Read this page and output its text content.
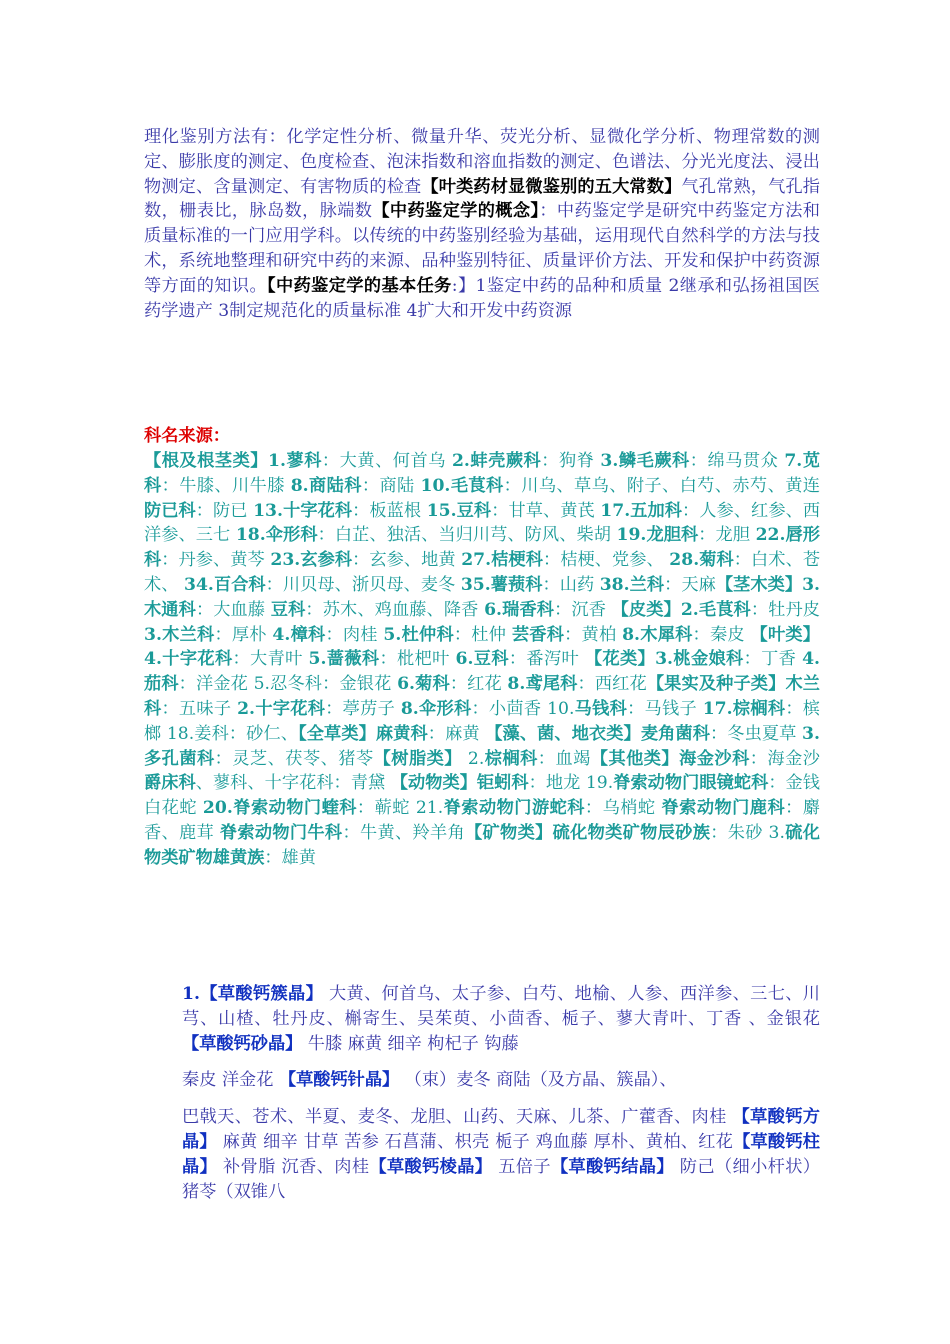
理化鉴别方法有：化学定性分析、微量升华、荧光分析、显微化学分析、物理常数的测定、膨胀度的测定、色度检查、泡沫指数和溶血指数的测定、色谱法、分光光度法、浸出物测定、含量测定、有害物质的检查【叶类药材显微鉴别的五大常数】气孔常熟，气孔指数，栅表比，脉岛数，脉端数【中药鉴定学的概念】：中药鉴定学是研究中药鉴定方法和质量标准的一门应用学科。以传统的中药鉴别经验为基础，运用现代自然科学的方法与技术，系统地整理和研究中药的来源、品种鉴别特征、质量评价方法、开发和保护中药资源等方面的知识。【中药鉴定学的基本任务:】1鉴定中药的品种和质量 2继承和弘扬祖国医药学遗产 3制定规范化的质量标准 4扩大和开发中药资源
科名来源：
【根及根茎类】1.蓼科：大黄、何首乌 2.蚌壳蕨科：狗脊 3.鳞毛蕨科：绵马贯众 7.苋科：牛膝、川牛膝 8.商陆科：商陆 10.毛茛科：川乌、草乌、附子、白芍、赤芍、黄连 防已科：防已 13.十字花科：板蓝根 15.豆科：甘草、黄芪 17.五加科：人参、红参、西洋参、三七 18.伞形科：白芷、独活、当归川芎、防风、柴胡 19.龙胆科：龙胆 22.唇形科：丹参、黄芩 23.玄参科：玄参、地黄 27.桔梗科：桔梗、党参、 28.菊科：白术、苍术、 34.百合科：川贝母、浙贝母、麦冬 35.薯蓣科：山药 38.兰科：天麻【茎木类】3.木通科：大血藤 豆科：苏木、鸡血藤、降香 6.瑞香科：沉香 【皮类】2.毛茛科：牡丹皮 3.木兰科：厚朴 4.樟科：肉桂 5.杜仲科：杜仲 芸香科：黄柏 8.木犀科：秦皮 【叶类】4.十字花科：大青叶 5.蔷薇科：枇杷叶 6.豆科：番泻叶 【花类】3.桃金娘科：丁香 4.茄科：洋金花 5.忍冬科：金银花 6.菊科：红花 8.鸢尾科：西红花【果实及种子类】木兰科：五味子 2.十字花科：葶苈子 8.伞形科：小茴香 10.马钱科：马钱子 17.棕榈科：槟榔 18.姜科：砂仁、【全草类】麻黄科：麻黄 【藻、菌、地衣类】麦角菌科：冬虫夏草 3.多孔菌科：灵芝、茯苓、猪苓【树脂类】 2.棕榈科：血竭【其他类】海金沙科：海金沙 爵床科、蓼科、十字花科：青黛 【动物类】钜蚓科：地龙 19.脊索动物门眼镜蛇科：金钱白花蛇 20.脊索动物门蝰科：蕲蛇 21.脊索动物门游蛇科：乌梢蛇 脊索动物门鹿科：麝香、鹿茸 脊索动物门牛科：牛黄、羚羊角【矿物类】硫化物类矿物辰砂族：朱砂 3.硫化物类矿物雄黄族：雄黄
1.【草酸钙簇晶】 大黄、何首乌、太子参、白芍、地榆、人参、西洋参、三七、川芎、山楂、牡丹皮、槲寄生、吴茱萸、小茴香、栀子、蓼大青叶、丁香 、金银花【草酸钙砂晶】 牛膝 麻黄 细辛 枸杞子 钩藤
秦皮 洋金花 【草酸钙针晶】 （束）麦冬 商陆（及方晶、簇晶）、
巴戟天、苍术、半夏、麦冬、龙胆、山药、天麻、儿茶、广藿香、肉桂 【草酸钙方晶】 麻黄 细辛 甘草 苦参 石菖蒲、枳壳 栀子 鸡血藤 厚朴、黄柏、红花【草酸钙柱晶】 补骨脂 沉香、肉桂【草酸钙棱晶】 五倍子【草酸钙结晶】 防己（细小杆状） 猪苓（双锥八
